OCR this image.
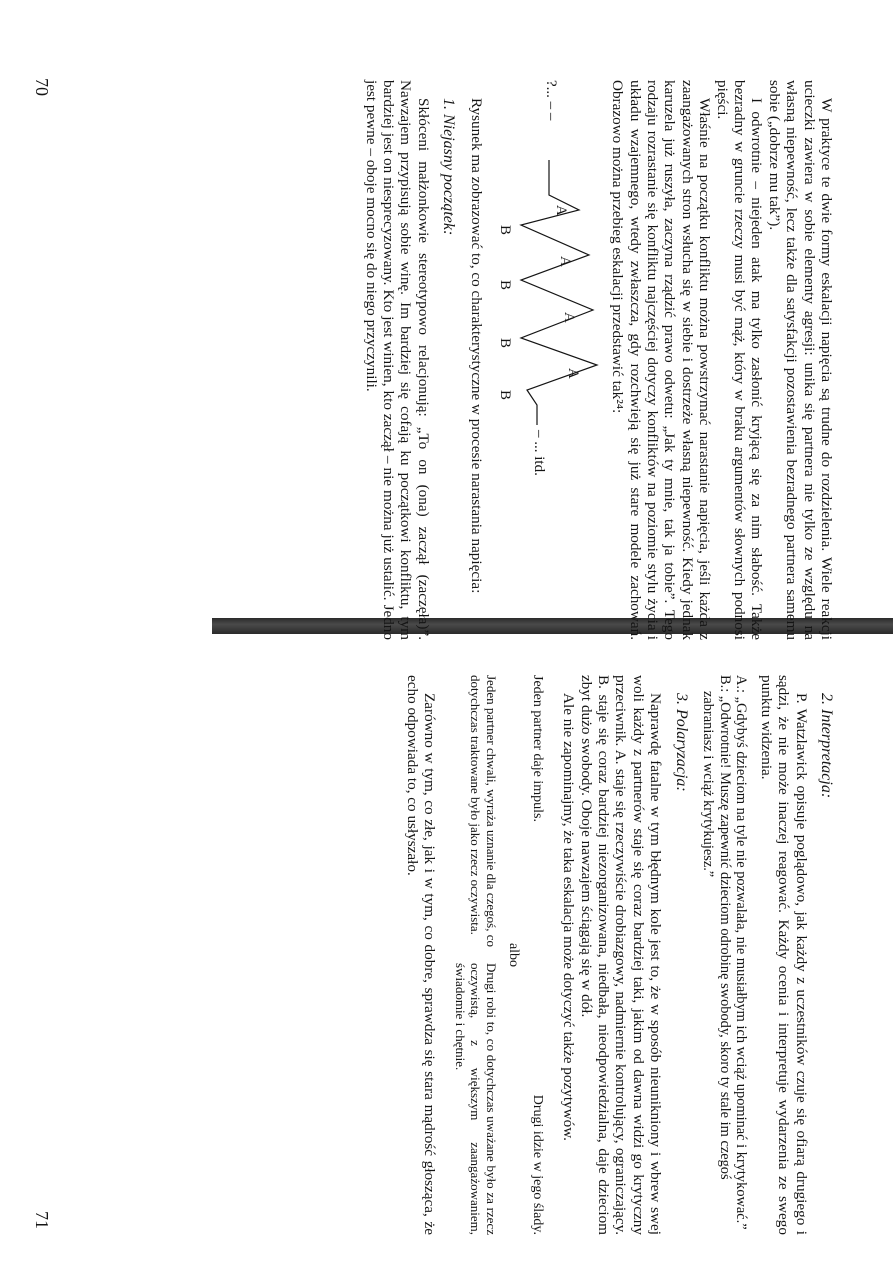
W praktyce te dwie formy eskalacji napięcia są trudne do rozdzielenia. Wiele reakcji ucieczki zawiera w sobie elementy agresji: unika się partnera nie tylko ze względu na własną niepewność, lecz także dla satysfakcji pozostawienia bezradnego partnera samemu sobie („dobrze mu tak”).

I odwrotnie – niejeden atak ma tylko zasłonić kryjącą się za nim słabość. Także bezradny w gruncie rzeczy musi być mąż, który w braku argumentów słownych podnosi pięści.

Właśnie na początku konfliktu można powstrzymać narastanie napięcia, jeśli każda z zaangażowanych stron wsłucha się w siebie i dostrzeże własną niepewność. Kiedy jednak karuzela już ruszyła, zaczyna rządzić prawo odwetu: „Jak ty mnie, tak ja tobie”. Tego rodzaju rozrastanie się konfliktu najczęściej dotyczy konfliktów na poziomie stylu życia i układu wzajemnego, wtedy zwłaszcza, gdy rozchwieją się już stare modele zachowań. Obrazowo można przebieg eskalacji przedstawić tak²⁴:

?... – –
A
A
A
A
B
B
B
B
– ... itd.

Rysunek ma zobrazować to, co charakterystyczne w procesie narastania napięcia:

1. Niejasny początek:

Skłóceni małżonkowie stereotypowo relacjonują: „To on (ona) zaczął (zaczęła)”. Nawzajem przypisują sobie winę. Im bardziej się cofają ku początkowi konfliktu, tym bardziej jest on niesprecyzowany. Kto jest winien, kto zaczął – nie można już ustalić. Jedno jest pewne – oboje mocno się do niego przyczynili.

70

2. Interpretacja:

P. Watzlawick opisuje poglądowo, jak każdy z uczestników czuje się ofiarą drugiego i sądzi, że nie może inaczej reagować. Każdy ocenia i interpretuje wydarzenia ze swego punktu widzenia.

A.: „Gdybyś dzieciom na tyle nie pozwalała, nie musiałbym ich wciąż upominać i krytykować.”

B.: „Odwrotnie! Muszę zapewnić dzieciom odrobinę swobody, skoro ty stale im czegoś zabraniasz i wciąż krytykujesz.”

3. Polaryzacja:

Naprawdę fatalne w tym błędnym kole jest to, że w sposób nieunikniony i wbrew swej woli każdy z partnerów staje się coraz bardziej taki, jakim od dawna widzi go krytyczny przeciwnik. A. staje się rzeczywiście drobiazgowy, nadmiernie kontrolujący, ograniczający. B. staje się coraz bardziej niezorganizowana, niedbała, nieodpowiedzialna, daje dzieciom zbyt dużo swobody. Oboje nawzajem ściągają się w dół.

Ale nie zapominajmy, że taka eskalacja może dotyczyć także pozytywów.

Jeden partner daje impuls.

Drugi idzie w jego ślady.

albo

Jeden partner chwali, wyraża uznanie dla czegoś, co dotychczas traktowane było jako rzecz oczywista.

Drugi robi to, co dotychczas uważane było za rzecz oczywistą, z większym zaangażowaniem, świadomie i chętnie.

Zarówno w tym, co złe, jak i w tym, co dobre, sprawdza się stara mądrość głosząca, że echo odpowiada to, co usłyszało.

71
